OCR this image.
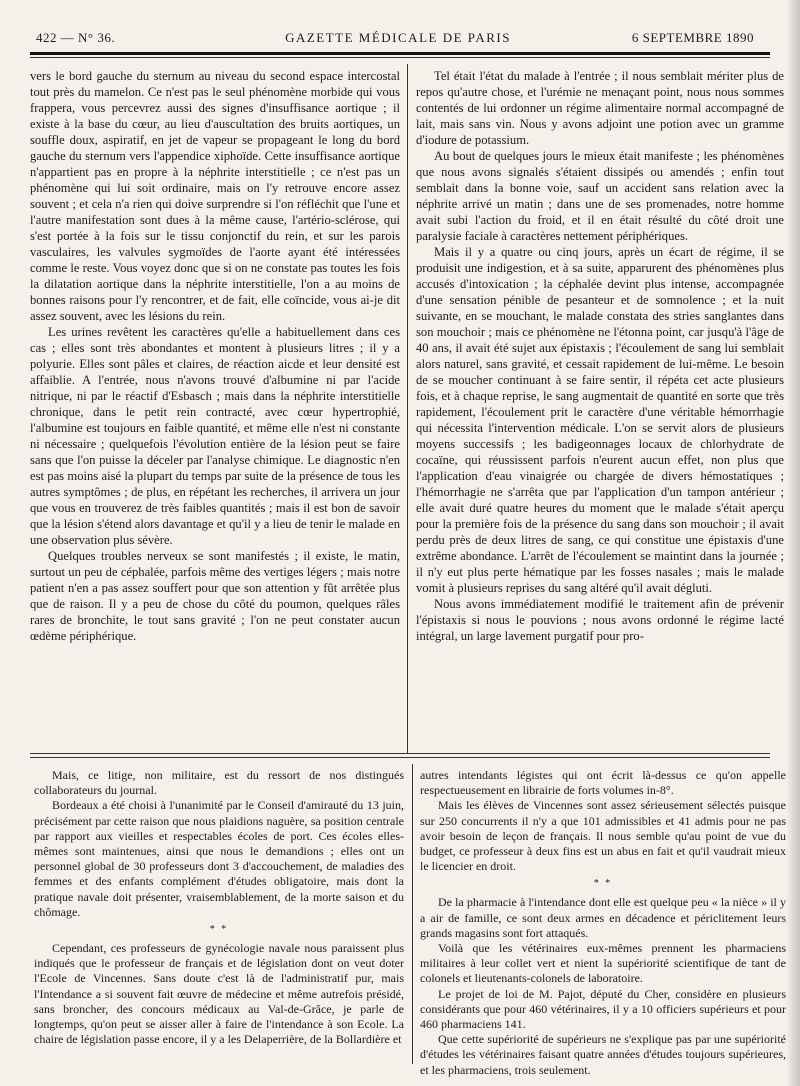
422 — N° 36.	GAZETTE MÉDICALE DE PARIS	6 SEPTEMBRE 1890

vers le bord gauche du sternum au niveau du second espace intercostal tout près du mamelon. Ce n'est pas le seul phénomène morbide qui vous frappera, vous percevrez aussi des signes d'insuffisance aortique ; il existe à la base du cœur, au lieu d'auscultation des bruits aortiques, un souffle doux, aspiratif, en jet de vapeur se propageant le long du bord gauche du sternum vers l'appendice xiphoïde. Cette insuffisance aortique n'appartient pas en propre à la néphrite interstitielle ; ce n'est pas un phénomène qui lui soit ordinaire, mais on l'y retrouve encore assez souvent ; et cela n'a rien qui doive surprendre si l'on réfléchit que l'une et l'autre manifestation sont dues à la même cause, l'artério-sclérose, qui s'est portée à la fois sur le tissu conjonctif du rein, et sur les parois vasculaires, les valvules sygmoïdes de l'aorte ayant été intéressées comme le reste. Vous voyez donc que si on ne constate pas toutes les fois la dilatation aortique dans la néphrite interstitielle, l'on a au moins de bonnes raisons pour l'y rencontrer, et de fait, elle coïncide, vous ai-je dit assez souvent, avec les lésions du rein.

Les urines revêtent les caractères qu'elle a habituellement dans ces cas ; elles sont très abondantes et montent à plusieurs litres ; il y a polyurie. Elles sont pâles et claires, de réaction aicde et leur densité est affaiblie. A l'entrée, nous n'avons trouvé d'albumine ni par l'acide nitrique, ni par le réactif d'Esbasch ; mais dans la néphrite interstitielle chronique, dans le petit rein contracté, avec cœur hypertrophié, l'albumine est toujours en faible quantité, et même elle n'est ni constante ni nécessaire ; quelquefois l'évolution entière de la lésion peut se faire sans que l'on puisse la déceler par l'analyse chimique. Le diagnostic n'en est pas moins aisé la plupart du temps par suite de la présence de tous les autres symptômes ; de plus, en répétant les recherches, il arrivera un jour que vous en trouverez de très faibles quantités ; mais il est bon de savoir que la lésion s'étend alors davantage et qu'il y a lieu de tenir le malade en une observation plus sévère.

Quelques troubles nerveux se sont manifestés ; il existe, le matin, surtout un peu de céphalée, parfois même des vertiges légers ; mais notre patient n'en a pas assez souffert pour que son attention y fût arrêtée plus que de raison. Il y a peu de chose du côté du poumon, quelques râles rares de bronchite, le tout sans gravité ; l'on ne peut constater aucun œdème périphérique.

Tel était l'état du malade à l'entrée ; il nous semblait mériter plus de repos qu'autre chose, et l'urémie ne menaçant point, nous nous sommes contentés de lui ordonner un régime alimentaire normal accompagné de lait, mais sans vin. Nous y avons adjoint une potion avec un gramme d'iodure de potassium.

Au bout de quelques jours le mieux était manifeste ; les phénomènes que nous avons signalés s'étaient dissipés ou amendés ; enfin tout semblait dans la bonne voie, sauf un accident sans relation avec la néphrite arrivé un matin ; dans une de ses promenades, notre homme avait subi l'action du froid, et il en était résulté du côté droit une paralysie faciale à caractères nettement périphériques.

Mais il y a quatre ou cinq jours, après un écart de régime, il se produisit une indigestion, et à sa suite, apparurent des phénomènes plus accusés d'intoxication ; la céphalée devint plus intense, accompagnée d'une sensation pénible de pesanteur et de somnolence ; et la nuit suivante, en se mouchant, le malade constata des stries sanglantes dans son mouchoir ; mais ce phénomène ne l'étonna point, car jusqu'à l'âge de 40 ans, il avait été sujet aux épistaxis ; l'écoulement de sang lui semblait alors naturel, sans gravité, et cessait rapidement de lui-même. Le besoin de se moucher continuant à se faire sentir, il répéta cet acte plusieurs fois, et à chaque reprise, le sang augmentait de quantité en sorte que très rapidement, l'écoulement prit le caractère d'une véritable hémorrhagie qui nécessita l'intervention médicale. L'on se servit alors de plusieurs moyens successifs ; les badigeonnages locaux de chlorhydrate de cocaïne, qui réussissent parfois n'eurent aucun effet, non plus que l'application d'eau vinaigrée ou chargée de divers hémostatiques ; l'hémorrhagie ne s'arrêta que par l'application d'un tampon antérieur ; elle avait duré quatre heures du moment que le malade s'était aperçu pour la première fois de la présence du sang dans son mouchoir ; il avait perdu près de deux litres de sang, ce qui constitue une épistaxis d'une extrême abondance. L'arrêt de l'écoulement se maintint dans la journée ; il n'y eut plus perte hématique par les fosses nasales ; mais le malade vomit à plusieurs reprises du sang altéré qu'il avait dégluti.

Nous avons immédiatement modifié le traitement afin de prévenir l'épistaxis si nous le pouvions ; nous avons ordonné le régime lacté intégral, un large lavement purgatif pour pro-

Mais, ce litige, non militaire, est du ressort de nos distingués collaborateurs du journal.

Bordeaux a été choisi à l'unanimité par le Conseil d'amirauté du 13 juin, précisément par cette raison que nous plaidions naguère, sa position centrale par rapport aux vieilles et respectables écoles de port. Ces écoles elles-mêmes sont maintenues, ainsi que nous le demandions ; elles ont un personnel global de 30 professeurs dont 3 d'accouchement, de maladies des femmes et des enfants complément d'études obligatoire, mais dont la pratique navale doit présenter, vraisemblablement, de la morte saison et du chômage.

* *

Cependant, ces professeurs de gynécologie navale nous paraissent plus indiqués que le professeur de français et de législation dont on veut doter l'Ecole de Vincennes. Sans doute c'est là de l'administratif pur, mais l'Intendance a si souvent fait œuvre de médecine et même autrefois présidé, sans broncher, des concours médicaux au Val-de-Grâce, je parle de longtemps, qu'on peut se aisser aller à faire de l'intendance à son Ecole. La chaire de législation passe encore, il y a les Delaperrière, de la Bollardière et

autres intendants légistes qui ont écrit là-dessus ce qu'on appelle respectueusement en librairie de forts volumes in-8°.

Mais les élèves de Vincennes sont assez sérieusement sélectés puisque sur 250 concurrents il n'y a que 101 admissibles et 41 admis pour ne pas avoir besoin de leçon de français. Il nous semble qu'au point de vue du budget, ce professeur à deux fins est un abus en fait et qu'il vaudrait mieux le licencier en droit.

* *

De la pharmacie à l'intendance dont elle est quelque peu « la nièce » il y a air de famille, ce sont deux armes en décadence et périclitement leurs grands magasins sont fort attaqués.

Voilà que les vétérinaires eux-mêmes prennent les pharmaciens militaires à leur collet vert et nient la supériorité scientifique de tant de colonels et lieutenants-colonels de laboratoire.

Le projet de loi de M. Pajot, député du Cher, considère en plusieurs considérants que pour 460 vétérinaires, il y a 10 officiers supérieurs et pour 460 pharmaciens 141.

Que cette supériorité de supérieurs ne s'explique pas par une supériorité d'études les vétérinaires faisant quatre années d'études toujours supérieures, et les pharmaciens, trois seulement.
